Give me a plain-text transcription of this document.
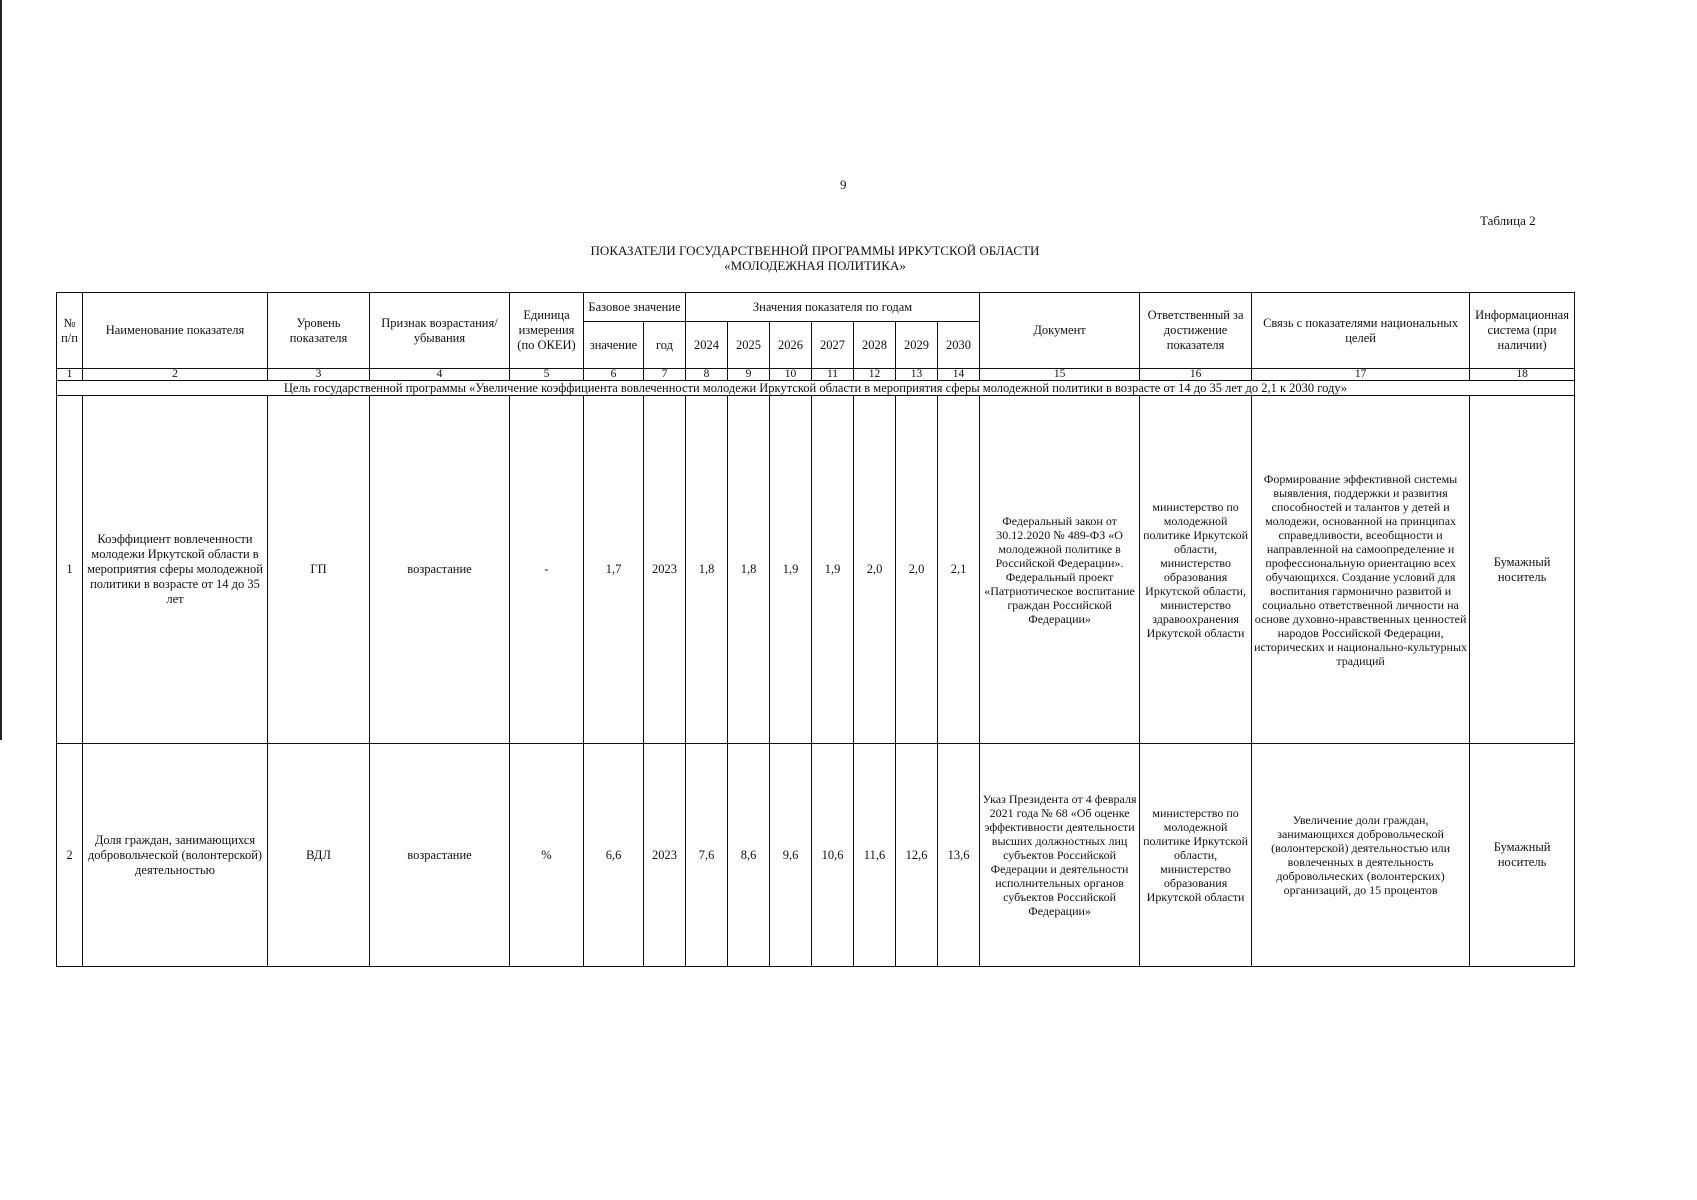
9
Таблица 2
ПОКАЗАТЕЛИ ГОСУДАРСТВЕННОЙ ПРОГРАММЫ ИРКУТСКОЙ ОБЛАСТИ
«МОЛОДЕЖНАЯ ПОЛИТИКА»
№ п/п	Наименование показателя	Уровень показателя	Признак возрастания/убывания	Единица измерения (по ОКЕИ)	Базовое значение		Значения показателя по годам							Документ	Ответственный за достижение показателя	Связь с показателями национальных целей	Информационная система (при наличии)
					значение	год	2024	2025	2026	2027	2028	2029	2030				
1	2	3	4	5	6	7	8	9	10	11	12	13	14	15	16	17	18
Цель государственной программы «Увеличение коэффициента вовлеченности молодежи Иркутской области в мероприятия сферы молодежной политики в возрасте от 14 до 35 лет до 2,1 к 2030 году»																	
1	Коэффициент вовлеченности молодежи Иркутской области в мероприятия сферы молодежной политики в возрасте от 14 до 35 лет	ГП	возрастание	-	1,7	2023	1,8	1,8	1,9	1,9	2,0	2,0	2,1	Федеральный закон от 30.12.2020 № 489-ФЗ «О молодежной политике в Российской Федерации». Федеральный проект «Патриотическое воспитание граждан Российской Федерации»	министерство по молодежной политике Иркутской области, министерство образования Иркутской области, министерство здравоохранения Иркутской области	Формирование эффективной системы выявления, поддержки и развития способностей и талантов у детей и молодежи, основанной на принципах справедливости, всеобщности и направленной на самоопределение и профессиональную ориентацию всех обучающихся. Создание условий для воспитания гармонично развитой и социально ответственной личности на основе духовно-нравственных ценностей народов Российской Федерации, исторических и национально-культурных традиций	Бумажный носитель
2	Доля граждан, занимающихся добровольческой (волонтерской) деятельностью	ВДЛ	возрастание	%	6,6	2023	7,6	8,6	9,6	10,6	11,6	12,6	13,6	Указ Президента от 4 февраля 2021 года № 68 «Об оценке эффективности деятельности высших должностных лиц субъектов Российской Федерации и деятельности исполнительных органов субъектов Российской Федерации»	министерство по молодежной политике Иркутской области, министерство образования Иркутской области	Увеличение доли граждан, занимающихся добровольческой (волонтерской) деятельностью или вовлеченных в деятельность добровольческих (волонтерских) организаций, до 15 процентов	Бумажный носитель
